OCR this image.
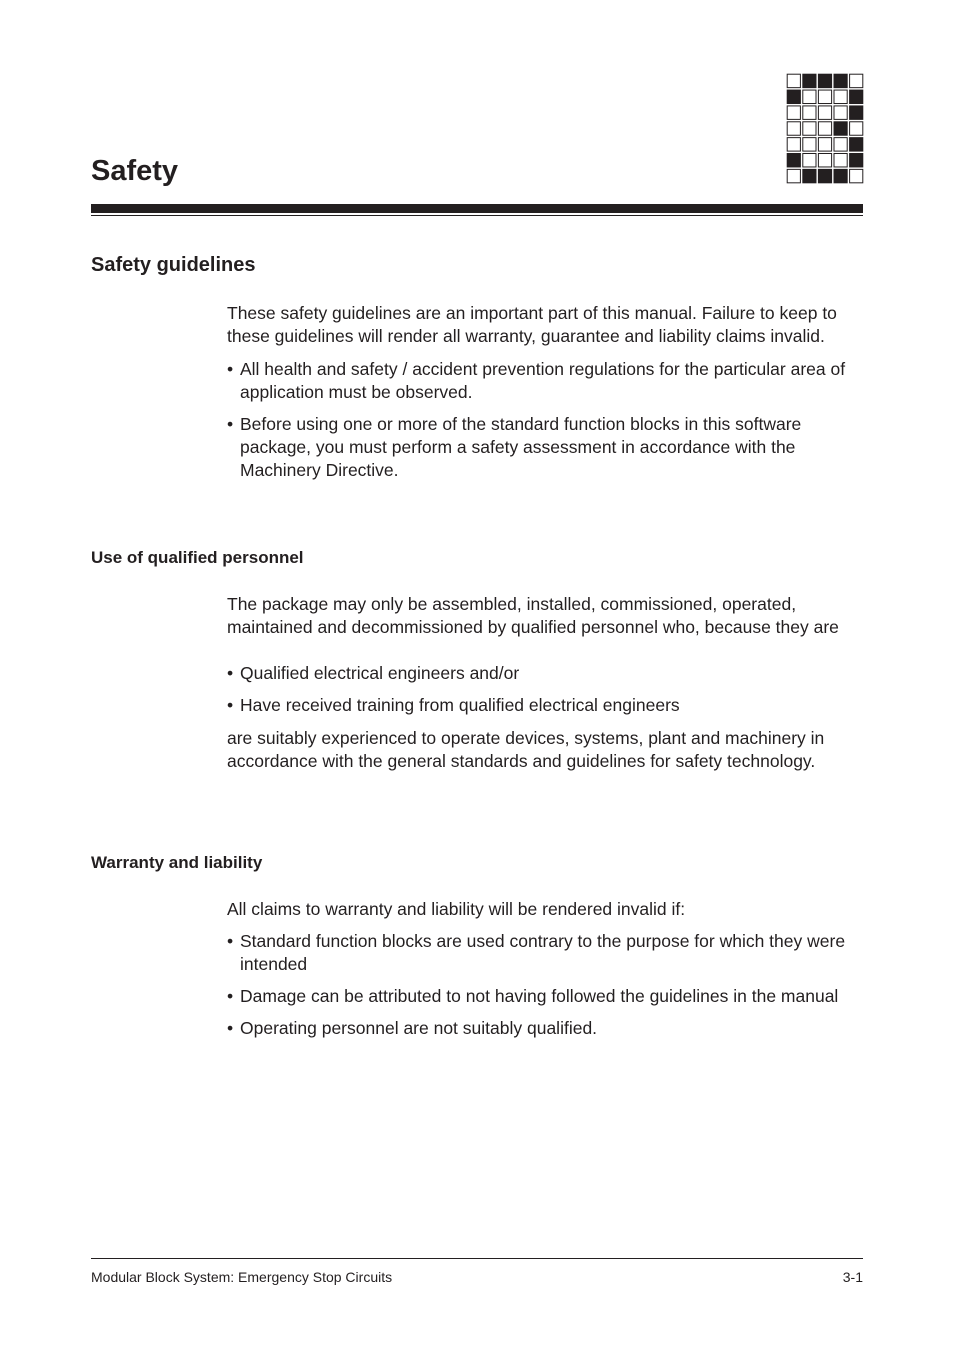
Safety
Safety guidelines

These safety guidelines are an important part of this manual. Failure to keep to these guidelines will render all warranty, guarantee and liability claims invalid.

• All health and safety / accident prevention regulations for the particular area of application must be observed.
• Before using one or more of the standard function blocks in this software package, you must perform a safety assessment in accordance with the Machinery Directive.
Use of qualified personnel

The package may only be assembled, installed, commissioned, operated, maintained and decommissioned by qualified personnel who, because they are

• Qualified electrical engineers and/or
• Have received training from qualified electrical engineers

are suitably experienced to operate devices, systems, plant and machinery in accordance with the general standards and guidelines for safety technology.

Warranty and liability

All claims to warranty and liability will be rendered invalid if:

• Standard function blocks are used contrary to the purpose for which they were intended
• Damage can be attributed to not having followed the guidelines in the manual
• Operating personnel are not suitably qualified.
Modular Block System: Emergency Stop Circuits	3-1
